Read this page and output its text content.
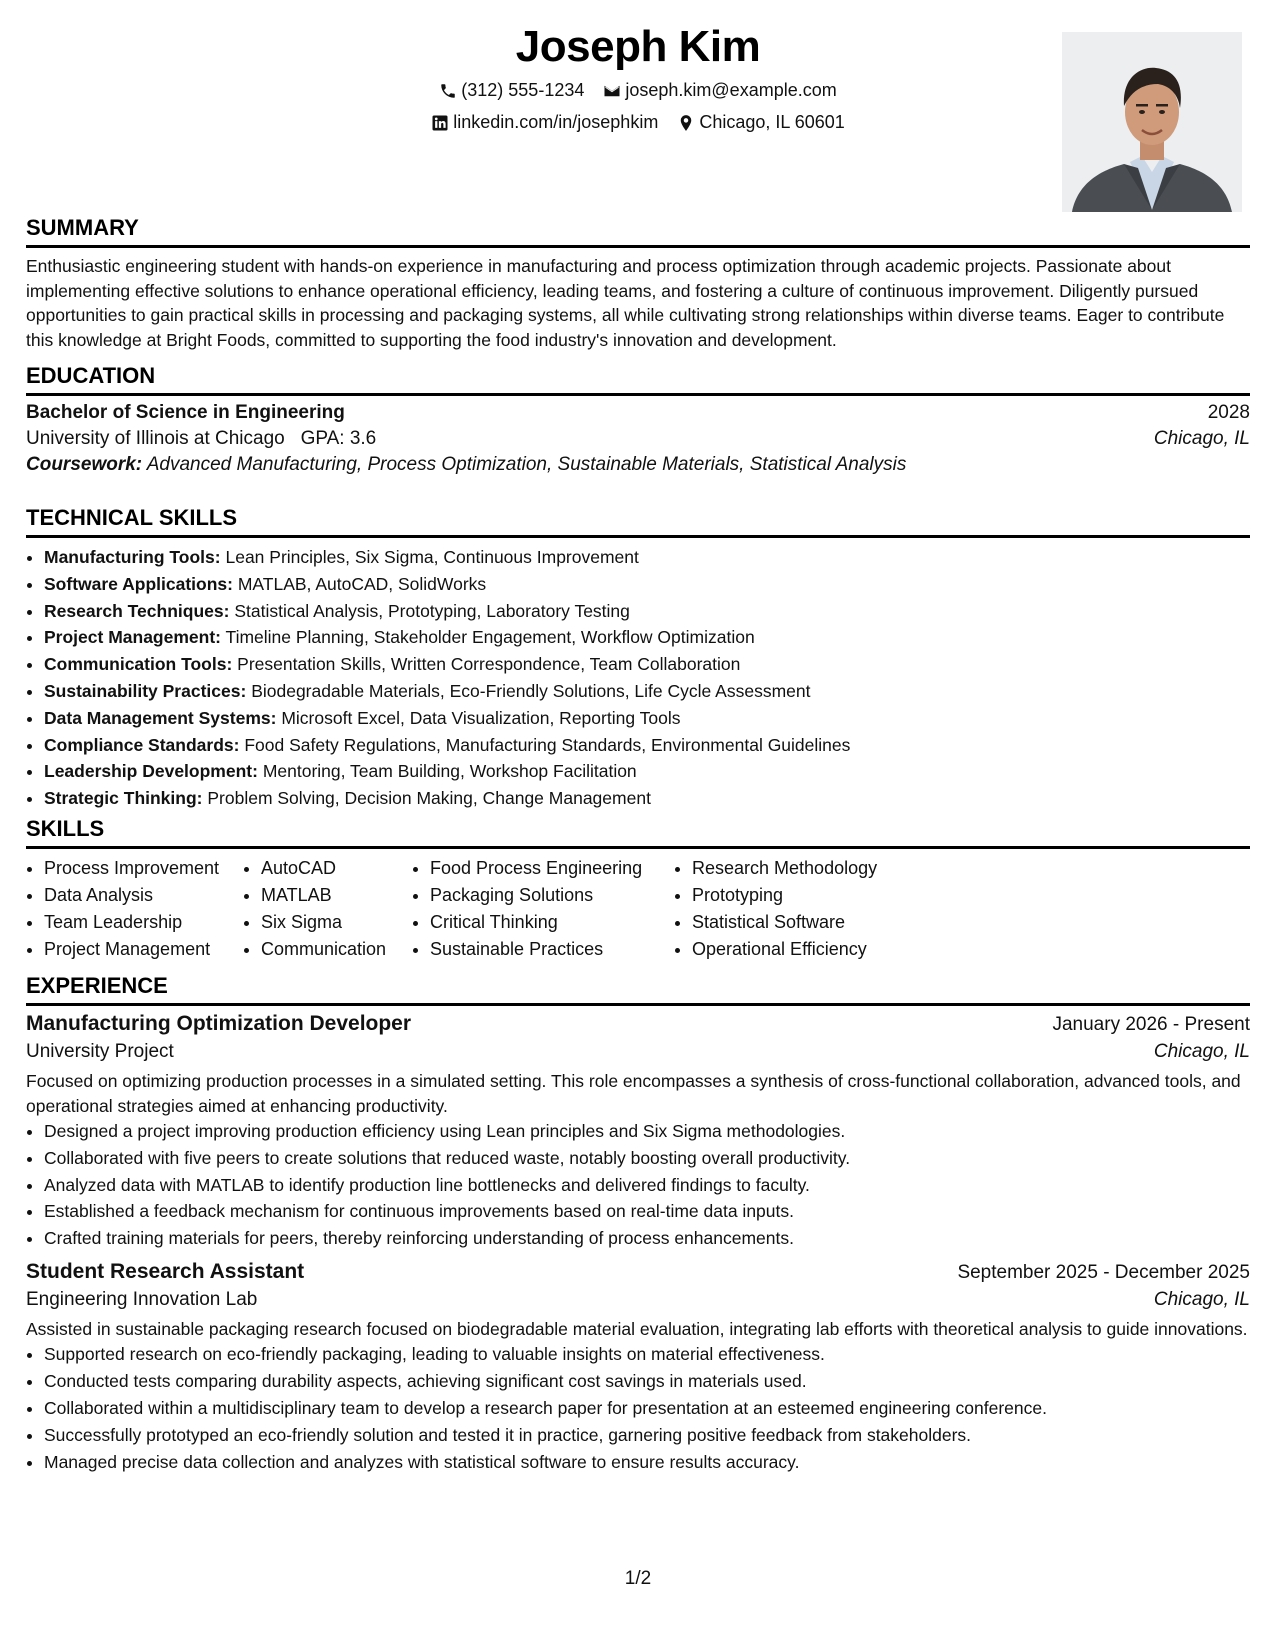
Joseph Kim
(312) 555-1234
joseph.kim@example.com
linkedin.com/in/josephkim
Chicago, IL 60601
SUMMARY

Enthusiastic engineering student with hands-on experience in manufacturing and process optimization through academic projects. Passionate about implementing effective solutions to enhance operational efficiency, leading teams, and fostering a culture of continuous improvement. Diligently pursued opportunities to gain practical skills in processing and packaging systems, all while cultivating strong relationships within diverse teams. Eager to contribute this knowledge at Bright Foods, committed to supporting the food industry's innovation and development.

EDUCATION
Bachelor of Science in Engineering	2028
University of Illinois at Chicago GPA: 3.6	Chicago, IL
Coursework: Advanced Manufacturing, Process Optimization, Sustainable Materials, Statistical Analysis
TECHNICAL SKILLS
• Manufacturing Tools: Lean Principles, Six Sigma, Continuous Improvement
• Software Applications: MATLAB, AutoCAD, SolidWorks
• Research Techniques: Statistical Analysis, Prototyping, Laboratory Testing
• Project Management: Timeline Planning, Stakeholder Engagement, Workflow Optimization
• Communication Tools: Presentation Skills, Written Correspondence, Team Collaboration
• Sustainability Practices: Biodegradable Materials, Eco-Friendly Solutions, Life Cycle Assessment
• Data Management Systems: Microsoft Excel, Data Visualization, Reporting Tools
• Compliance Standards: Food Safety Regulations, Manufacturing Standards, Environmental Guidelines
• Leadership Development: Mentoring, Team Building, Workshop Facilitation
• Strategic Thinking: Problem Solving, Decision Making, Change Management
SKILLS
• Process Improvement
• Data Analysis
• Team Leadership
• Project Management
• AutoCAD
• MATLAB
• Six Sigma
• Communication
• Food Process Engineering
• Packaging Solutions
• Critical Thinking
• Sustainable Practices
• Research Methodology
• Prototyping
• Statistical Software
• Operational Efficiency
EXPERIENCE
Manufacturing Optimization Developer	January 2026 - Present
University Project	Chicago, IL

Focused on optimizing production processes in a simulated setting. This role encompasses a synthesis of cross-functional collaboration, advanced tools, and operational strategies aimed at enhancing productivity.

• Designed a project improving production efficiency using Lean principles and Six Sigma methodologies.
• Collaborated with five peers to create solutions that reduced waste, notably boosting overall productivity.
• Analyzed data with MATLAB to identify production line bottlenecks and delivered findings to faculty.
• Established a feedback mechanism for continuous improvements based on real-time data inputs.
• Crafted training materials for peers, thereby reinforcing understanding of process enhancements.
Student Research Assistant	September 2025 - December 2025
Engineering Innovation Lab	Chicago, IL

Assisted in sustainable packaging research focused on biodegradable material evaluation, integrating lab efforts with theoretical analysis to guide innovations.

• Supported research on eco-friendly packaging, leading to valuable insights on material effectiveness.
• Conducted tests comparing durability aspects, achieving significant cost savings in materials used.
• Collaborated within a multidisciplinary team to develop a research paper for presentation at an esteemed engineering conference.
• Successfully prototyped an eco-friendly solution and tested it in practice, garnering positive feedback from stakeholders.
• Managed precise data collection and analyzes with statistical software to ensure results accuracy.
1/2
